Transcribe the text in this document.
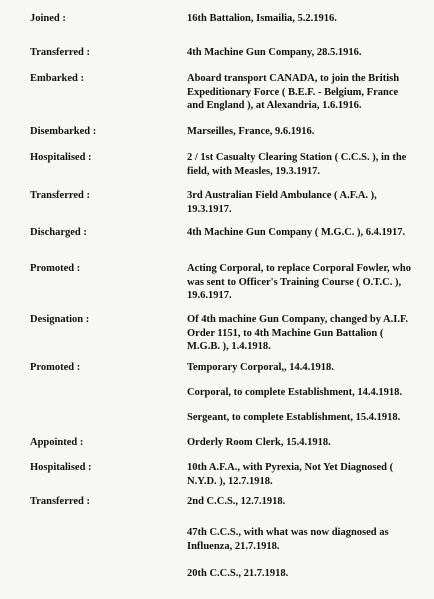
Joined :	16th Battalion, Ismailia, 5.2.1916.
Transferred :	4th Machine Gun Company, 28.5.1916.
Embarked :	Aboard transport CANADA, to join the British Expeditionary Force ( B.E.F. - Belgium, France and England ), at Alexandria, 1.6.1916.
Disembarked :	Marseilles, France, 9.6.1916.
Hospitalised :	2 / 1st Casualty Clearing Station ( C.C.S. ), in the field, with Measles, 19.3.1917.
Transferred :	3rd Australian Field Ambulance ( A.F.A. ), 19.3.1917.
Discharged :	4th Machine Gun Company ( M.G.C. ), 6.4.1917.
Promoted :	Acting Corporal, to replace Corporal Fowler, who was sent to Officer's Training Course ( O.T.C. ), 19.6.1917.
Designation :	Of 4th machine Gun Company, changed by A.I.F. Order 1151, to 4th Machine Gun Battalion ( M.G.B. ), 1.4.1918.
Promoted :	Temporary Corporal,, 14.4.1918.
Corporal, to complete Establishment, 14.4.1918.
Sergeant, to complete Establishment, 15.4.1918.
Appointed :	Orderly Room Clerk, 15.4.1918.
Hospitalised :	10th A.F.A., with Pyrexia, Not Yet Diagnosed ( N.Y.D. ), 12.7.1918.
Transferred :	2nd C.C.S., 12.7.1918.
47th C.C.S., with what was now diagnosed as Influenza, 21.7.1918.
20th C.C.S., 21.7.1918.
